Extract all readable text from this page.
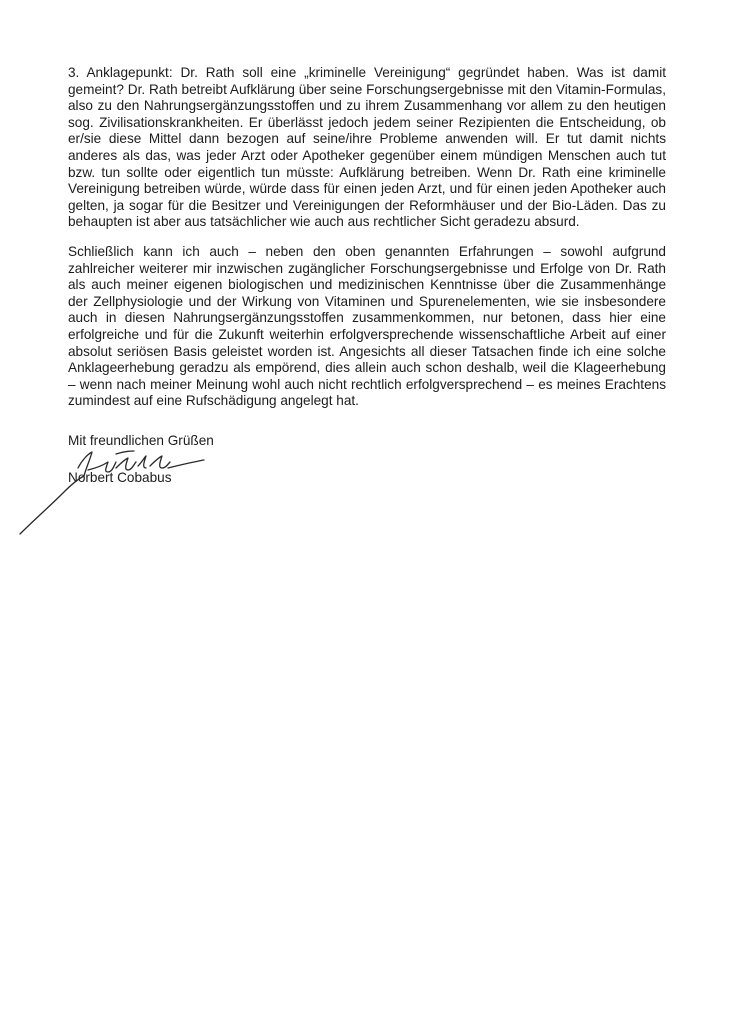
3. Anklagepunkt: Dr. Rath soll eine „kriminelle Vereinigung“ gegründet haben. Was ist damit gemeint? Dr. Rath betreibt Aufklärung über seine Forschungsergebnisse mit den Vitamin-Formulas, also zu den Nahrungsergänzungsstoffen und zu ihrem Zusammenhang vor allem zu den heutigen sog. Zivilisationskrankheiten. Er überlässt jedoch jedem seiner Rezipienten die Entscheidung, ob er/sie diese Mittel dann bezogen auf seine/ihre Probleme anwenden will. Er tut damit nichts anderes als das, was jeder Arzt oder Apotheker gegenüber einem mündigen Menschen auch tut bzw. tun sollte oder eigentlich tun müsste: Aufklärung betreiben. Wenn Dr. Rath eine kriminelle Vereinigung betreiben würde, würde dass für einen jeden Arzt, und für einen jeden Apotheker auch gelten, ja sogar für die Besitzer und Vereinigungen der Reformhäuser und der Bio-Läden. Das zu behaupten ist aber aus tatsächlicher wie auch aus rechtlicher Sicht geradezu absurd.

Schließlich kann ich auch – neben den oben genannten Erfahrungen – sowohl aufgrund zahlreicher weiterer mir inzwischen zugänglicher Forschungsergebnisse und Erfolge von Dr. Rath als auch meiner eigenen biologischen und medizinischen Kenntnisse über die Zusammenhänge der Zellphysiologie und der Wirkung von Vitaminen und Spurenelementen, wie sie insbesondere auch in diesen Nahrungsergänzungsstoffen zusammenkommen, nur betonen, dass hier eine erfolgreiche und für die Zukunft weiterhin erfolgversprechende wissenschaftliche Arbeit auf einer absolut seriösen Basis geleistet worden ist. Angesichts all dieser Tatsachen finde ich eine solche Anklageerhebung geradzu als empörend, dies allein auch schon deshalb, weil die Klageerhebung – wenn nach meiner Meinung wohl auch nicht rechtlich erfolgversprechend – es meines Erachtens zumindest auf eine Rufschädigung angelegt hat.

Mit freundlichen Grüßen
Norbert Cobabus
